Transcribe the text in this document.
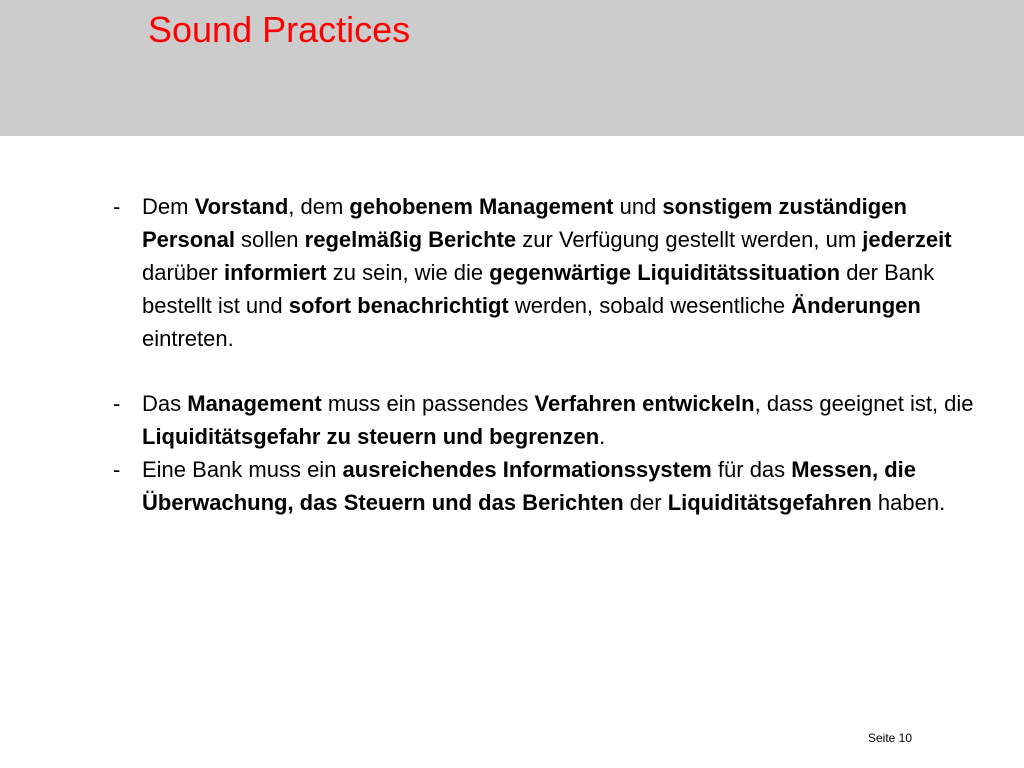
Sound Practices
- Dem Vorstand, dem gehobenem Management und sonstigem zuständigen Personal sollen regelmäßig Berichte zur Verfügung gestellt werden, um jederzeit darüber informiert zu sein, wie die gegenwärtige Liquiditätssituation der Bank bestellt ist und sofort benachrichtigt werden, sobald wesentliche Änderungen eintreten.
- Das Management muss ein passendes Verfahren entwickeln, dass geeignet ist, die Liquiditätsgefahr zu steuern und begrenzen.
- Eine Bank muss ein ausreichendes Informationssystem für das Messen, die Überwachung, das Steuern und das Berichten der Liquiditätsgefahren haben.
Seite 10
